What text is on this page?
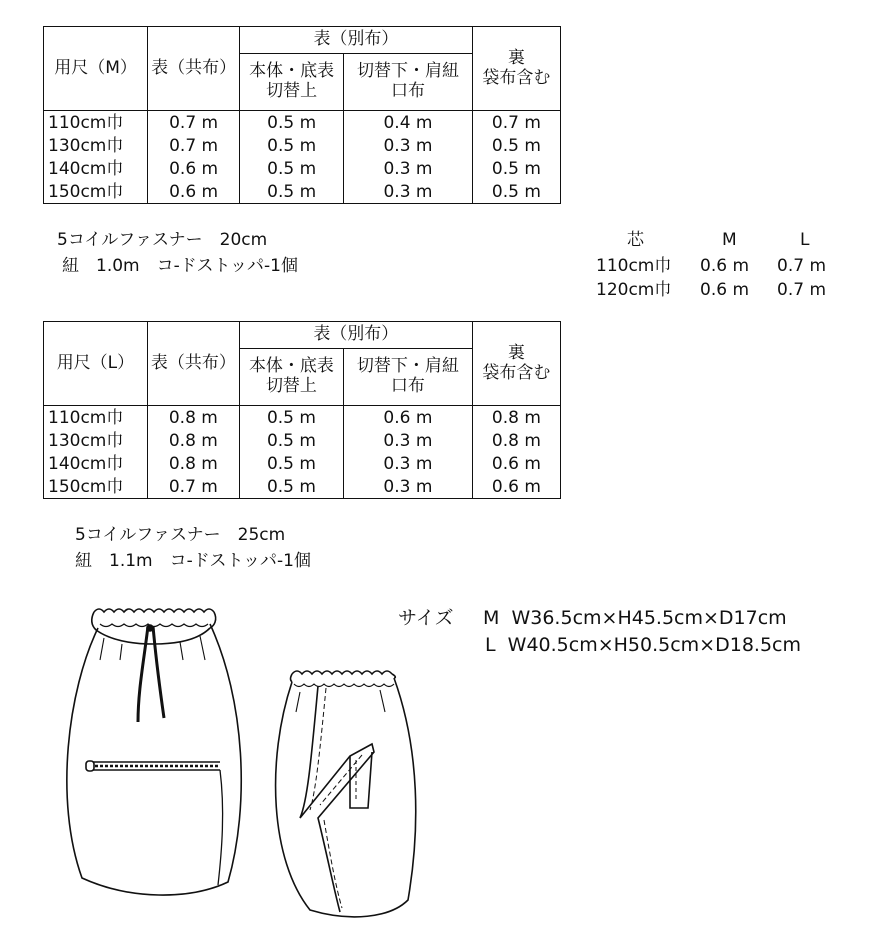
用尺（M）	表（共布）	表（別布）		裏
袋布含む

		本体・底表 切替上	切替下・肩紐 口布	
110cm巾	0.7 m	0.5 m	0.4 m	0.7 m
130cm巾	0.7 m	0.5 m	0.3 m	0.5 m
140cm巾	0.6 m	0.5 m	0.3 m	0.5 m
150cm巾	0.6 m	0.5 m	0.3 m	0.5 m
5コイルファスナー　20cm
紐　1.0m　コ-ドストッパ-1個
芯	M	L
110cm巾 0.6 m 0.7 m
120cm巾 0.6 m 0.7 m
用尺（L）	表（共布）	表（別布）		裏
袋布含む

		本体・底表 切替上	切替下・肩紐 口布	
110cm巾	0.8 m	0.5 m	0.6 m	0.8 m
130cm巾	0.8 m	0.5 m	0.3 m	0.8 m
140cm巾	0.8 m	0.5 m	0.3 m	0.6 m
150cm巾	0.7 m	0.5 m	0.3 m	0.6 m
5コイルファスナー　25cm
紐　1.1m　コ-ドストッパ-1個
サイズ M  W36.5cm×H45.5cm×D17cm
L  W40.5cm×H50.5cm×D18.5cm
